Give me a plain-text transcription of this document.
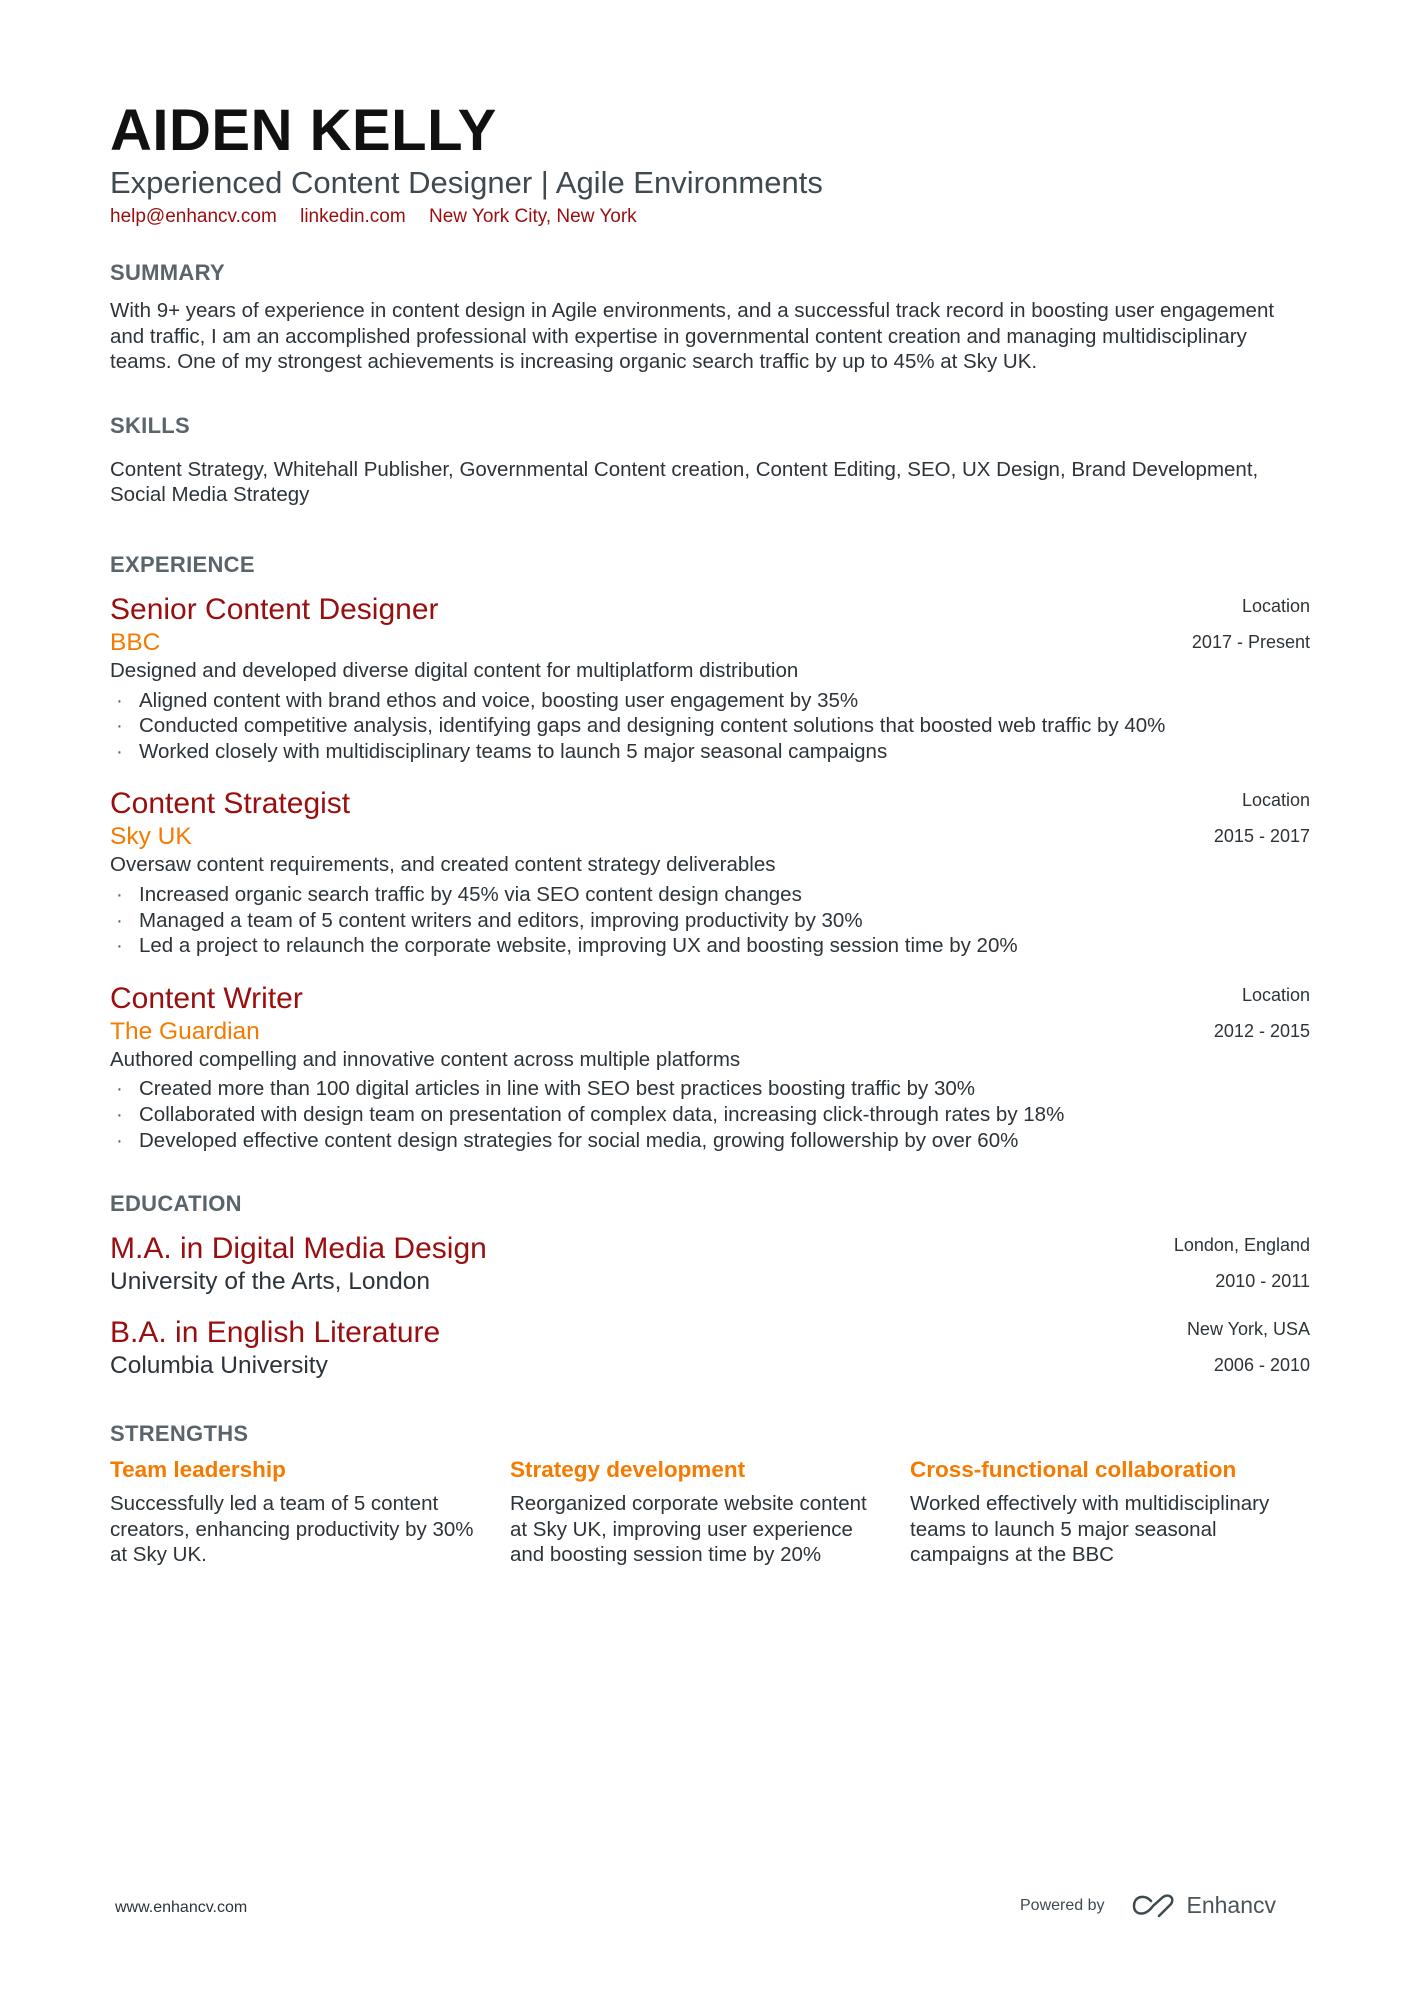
AIDEN KELLY
Experienced Content Designer | Agile Environments
help@enhancv.com linkedin.com New York City, New York
SUMMARY
With 9+ years of experience in content design in Agile environments, and a successful track record in boosting user engagement and traffic, I am an accomplished professional with expertise in governmental content creation and managing multidisciplinary teams. One of my strongest achievements is increasing organic search traffic by up to 45% at Sky UK.
SKILLS
Content Strategy, Whitehall Publisher, Governmental Content creation, Content Editing, SEO, UX Design, Brand Development, Social Media Strategy
EXPERIENCE
Location
2017 - Present
Senior Content Designer
BBC
Designed and developed diverse digital content for multiplatform distribution
· Aligned content with brand ethos and voice, boosting user engagement by 35%
· Conducted competitive analysis, identifying gaps and designing content solutions that boosted web traffic by 40%
· Worked closely with multidisciplinary teams to launch 5 major seasonal campaigns
Location
2015 - 2017
Content Strategist
Sky UK
Oversaw content requirements, and created content strategy deliverables
· Increased organic search traffic by 45% via SEO content design changes
· Managed a team of 5 content writers and editors, improving productivity by 30%
· Led a project to relaunch the corporate website, improving UX and boosting session time by 20%
Location
2012 - 2015
Content Writer
The Guardian
Authored compelling and innovative content across multiple platforms
· Created more than 100 digital articles in line with SEO best practices boosting traffic by 30%
· Collaborated with design team on presentation of complex data, increasing click-through rates by 18%
· Developed effective content design strategies for social media, growing followership by over 60%
EDUCATION
London, England
2010 - 2011
M.A. in Digital Media Design
University of the Arts, London
New York, USA
2006 - 2010
B.A. in English Literature
Columbia University
STRENGTHS
Team leadership
Successfully led a team of 5 content creators, enhancing productivity by 30% at Sky UK.
Strategy development
Reorganized corporate website content at Sky UK, improving user experience and boosting session time by 20%
Cross-functional collaboration
Worked effectively with multidisciplinary teams to launch 5 major seasonal campaigns at the BBC
www.enhancv.com	Powered by	Enhancv
